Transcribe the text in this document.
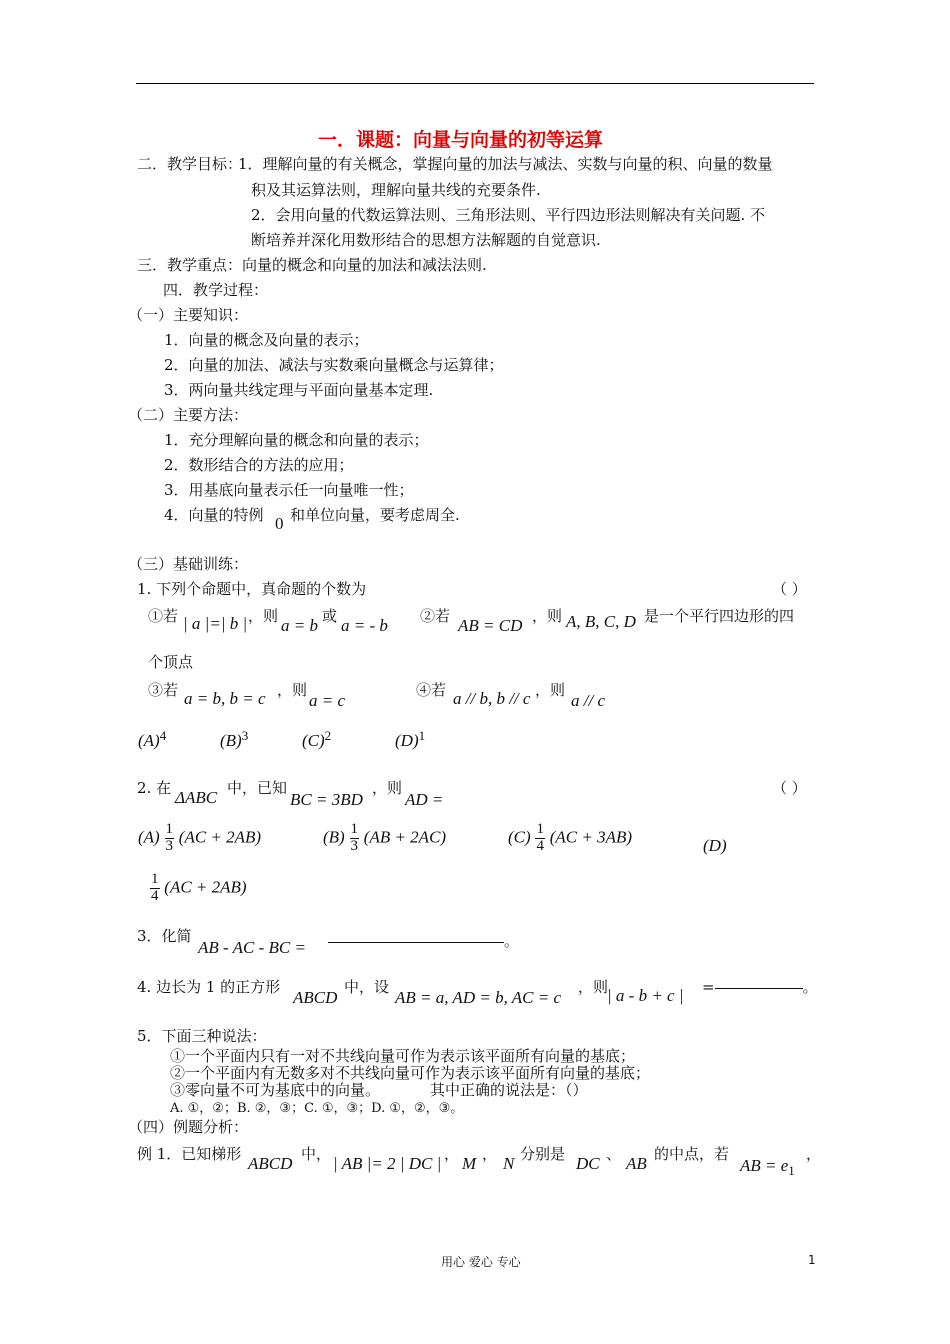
一．课题：向量与向量的初等运算
二．教学目标：
1．理解向量的有关概念，掌握向量的加法与减法、实数与向量的积、向量的数量
积及其运算法则，理解向量共线的充要条件.
2．会用向量的代数运算法则、三角形法则、平行四边形法则解决有关问题. 不
断培养并深化用数形结合的思想方法解题的自觉意识.
三．教学重点：向量的概念和向量的加法和减法法则.
四．教学过程：
（一）主要知识：
1．向量的概念及向量的表示；
2．向量的加法、减法与实数乘向量概念与运算律；
3．两向量共线定理与平面向量基本定理.
（二）主要方法：
1．充分理解向量的概念和向量的表示；
2．数形结合的方法的应用；
3．用基底向量表示任一向量唯一性；
4．向量的特例 0 和单位向量，要考虑周全.
（三）基础训练：
1. 下列个命题中，真命题的个数为	（ ）
①若 | a |=| b | ，则 a = b 或 a = - b ②若 AB = CD ，则 A, B, C, D 是一个平行四边形的四
个顶点
③若 a = b, b = c ，则
a = c
④若 a // b, b // c ，则
a // c
$(A)^4$	$(B)^3$	$(C)^2$	$(D)^1$
2. 在 ΔABC 中，已知
BC = 3BD
，则
AD =
（ ）
$(A) \frac{1}{3} (AC + 2AB)$	$(B) \frac{1}{3} (AB + 2AC)$	$(C) \frac{1}{4} (AC + 3AB)$	(D)
$\frac{1}{4} (AC + 2AB)$
3．化简
AB - AC - BC =	。
4. 边长为 1 的正方形
ABCD
中，设
AB = a, AD = b, AC = c
，则
| a - b + c | =	。
5．下面三种说法：
①一个平面内只有一对不共线向量可作为表示该平面所有向量的基底；
②一个平面内有无数多对不共线向量可作为表示该平面所有向量的基底；
③零向量不可为基底中的向量。	其中正确的说法是：（）
A. ①，②；B. ②，③；C. ①，③；D. ①，②，③。
（四）例题分析：
例 1．已知梯形 ABCD 中， | AB |= 2 | DC | ， M ， N 分别是 DC 、 AB 的中点，若
AB = $e_1$
，
用心 爱心 专心	1
